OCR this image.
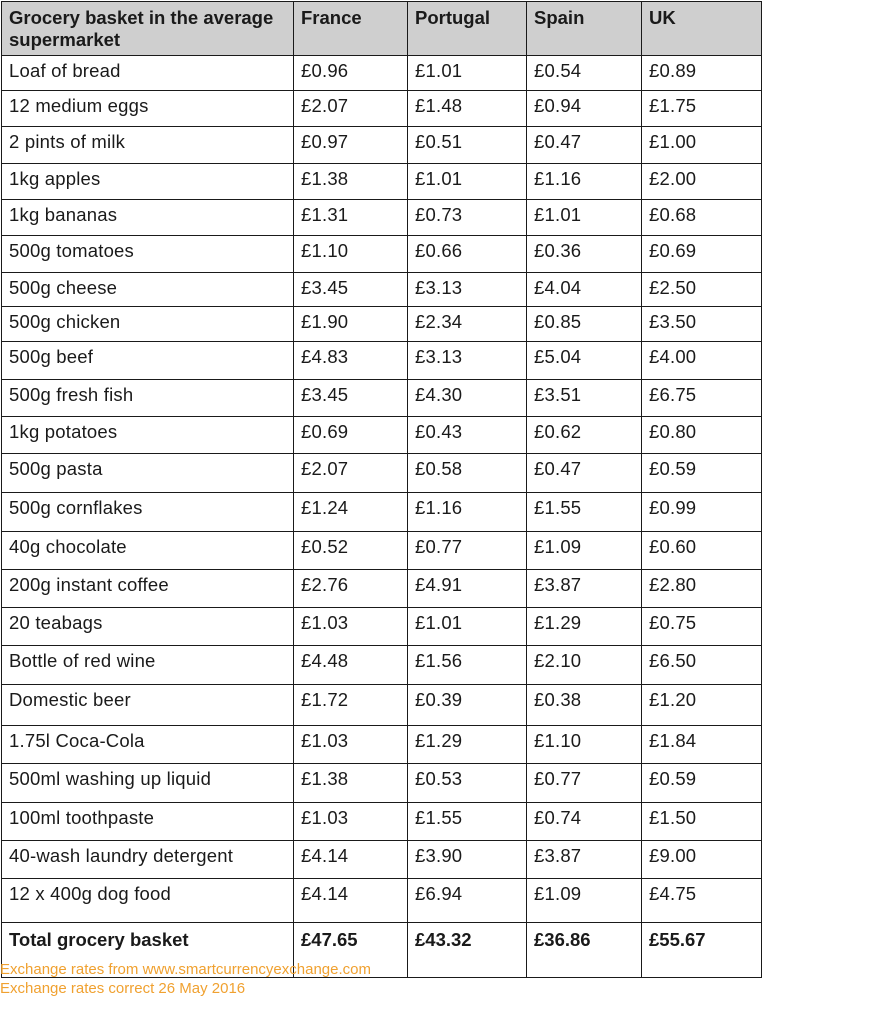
Grocery basket in the average supermarket	France	Portugal	Spain	UK
Loaf of bread	£0.96	£1.01	£0.54	£0.89
12 medium eggs	£2.07	£1.48	£0.94	£1.75
2 pints of milk	£0.97	£0.51	£0.47	£1.00
1kg apples	£1.38	£1.01	£1.16	£2.00
1kg bananas	£1.31	£0.73	£1.01	£0.68
500g tomatoes	£1.10	£0.66	£0.36	£0.69
500g cheese	£3.45	£3.13	£4.04	£2.50
500g chicken	£1.90	£2.34	£0.85	£3.50
500g beef	£4.83	£3.13	£5.04	£4.00
500g fresh fish	£3.45	£4.30	£3.51	£6.75
1kg potatoes	£0.69	£0.43	£0.62	£0.80
500g pasta	£2.07	£0.58	£0.47	£0.59
500g cornflakes	£1.24	£1.16	£1.55	£0.99
40g chocolate	£0.52	£0.77	£1.09	£0.60
200g instant coffee	£2.76	£4.91	£3.87	£2.80
20 teabags	£1.03	£1.01	£1.29	£0.75
Bottle of red wine	£4.48	£1.56	£2.10	£6.50
Domestic beer	£1.72	£0.39	£0.38	£1.20
1.75l Coca-Cola	£1.03	£1.29	£1.10	£1.84
500ml washing up liquid	£1.38	£0.53	£0.77	£0.59
100ml toothpaste	£1.03	£1.55	£0.74	£1.50
40-wash laundry detergent	£4.14	£3.90	£3.87	£9.00
12 x 400g dog food	£4.14	£6.94	£1.09	£4.75
Total grocery basket	£47.65	£43.32	£36.86	£55.67
Exchange rates from www.smartcurrencyexchange.com
Exchange rates correct 26 May 2016
